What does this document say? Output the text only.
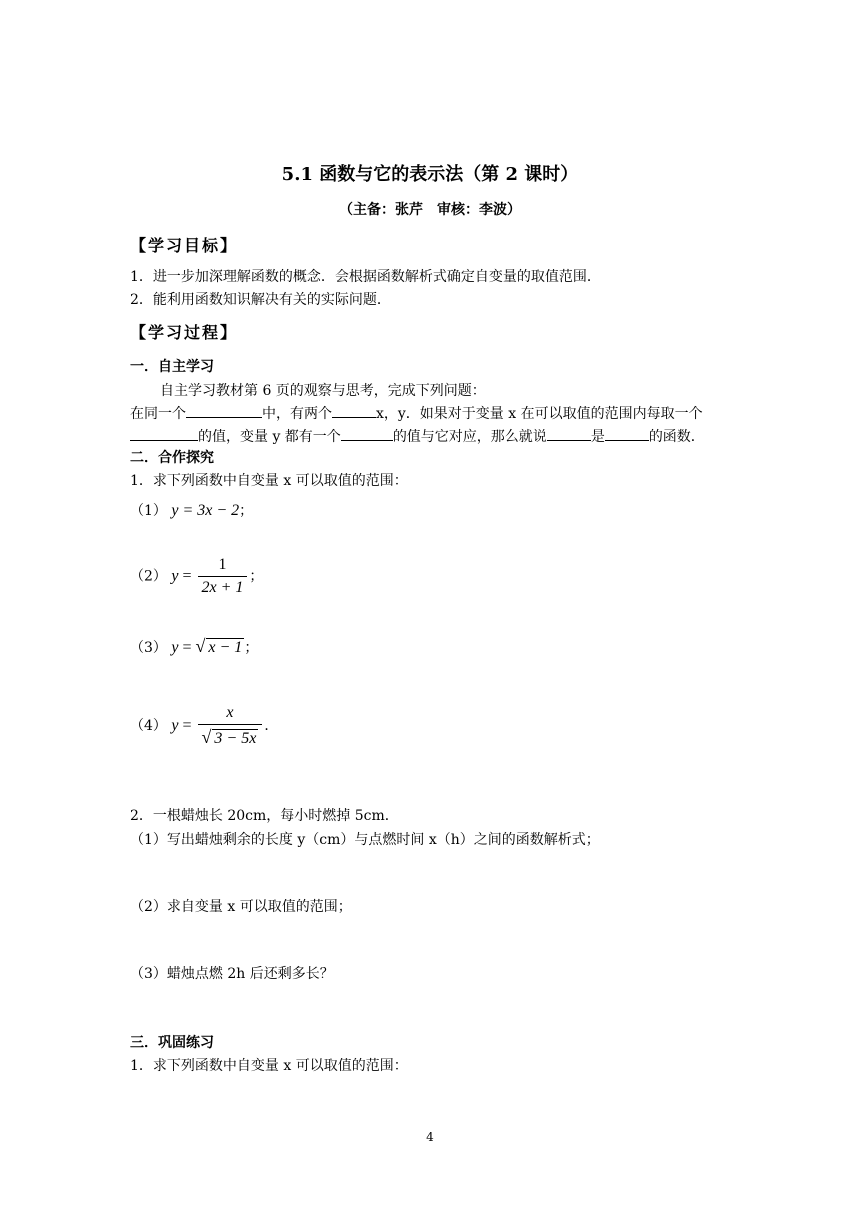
5.1 函数与它的表示法（第 2 课时）
（主备：张芹　审核：李波）
【学习目标】
1．进一步加深理解函数的概念．会根据函数解析式确定自变量的取值范围．
2．能利用函数知识解决有关的实际问题．
【学习过程】
一．自主学习
自主学习教材第 6 页的观察与思考，完成下列问题：
在同一个	中，有两个	x，y．如果对于变量 x 在可以取值的范围内每取一个
的值，变量 y 都有一个	的值与它对应，那么就说	是	的函数．
二．合作探究
1．求下列函数中自变量 x 可以取值的范围：
（1） y = 3x − 2；
（2） $y = \frac{1}{2x + 1}$ ；
（3） y = √ x − 1 ；
（4） $y = \frac{x}{√ 3 - 5x}$ ．
2．一根蜡烛长 20cm，每小时燃掉 5cm．
（1）写出蜡烛剩余的长度 y（cm）与点燃时间 x（h）之间的函数解析式；
（2）求自变量 x 可以取值的范围；
（3）蜡烛点燃 2h 后还剩多长？
三．巩固练习
1．求下列函数中自变量 x 可以取值的范围：
4
